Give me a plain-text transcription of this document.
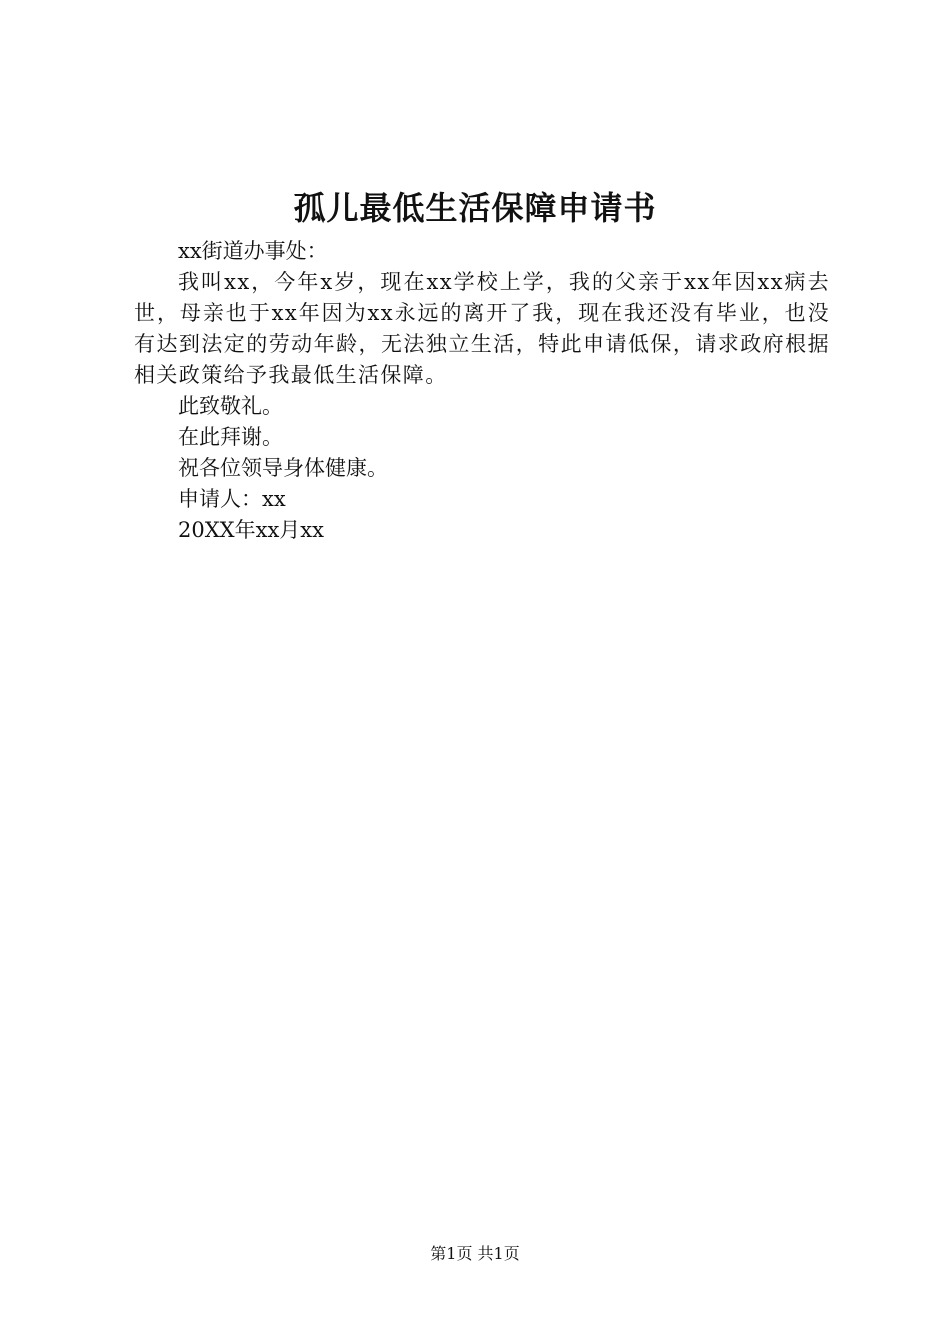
孤儿最低生活保障申请书

xx街道办事处：

我叫xx，今年x岁，现在xx学校上学，我的父亲于xx年因xx病去世，母亲也于xx年因为xx永远的离开了我，现在我还没有毕业，也没有达到法定的劳动年龄，无法独立生活，特此申请低保，请求政府根据相关政策给予我最低生活保障。

此致敬礼。

在此拜谢。

祝各位领导身体健康。

申请人：xx

20XX年xx月xx

第1页 共1页
